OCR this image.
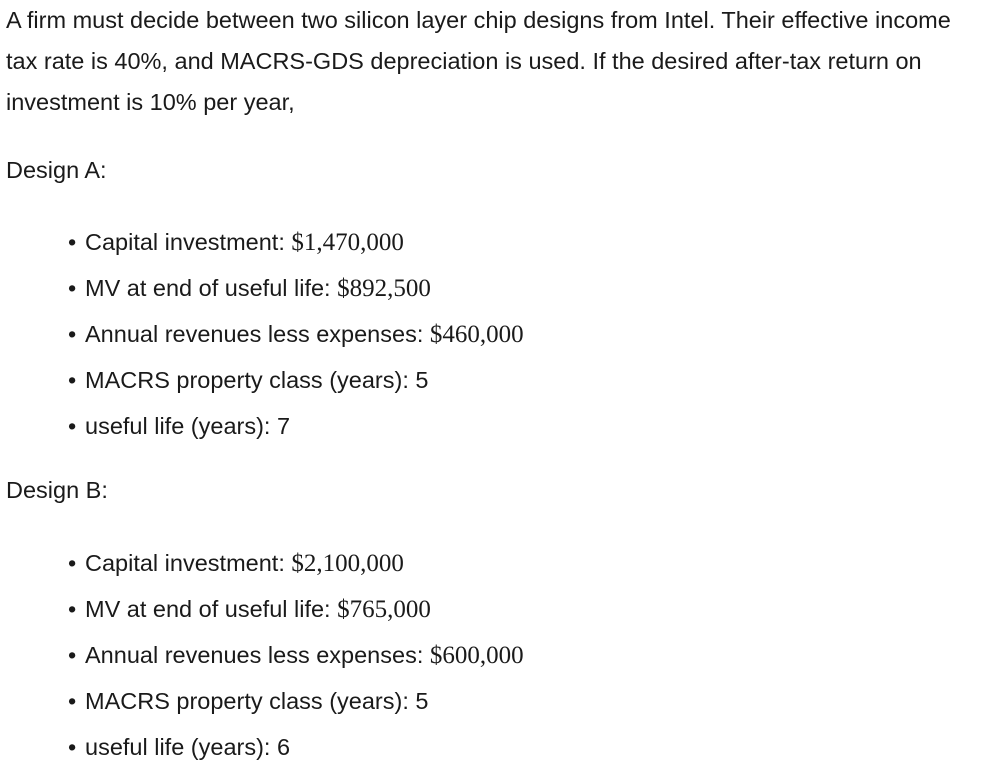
A firm must decide between two silicon layer chip designs from Intel. Their effective income tax rate is 40%, and MACRS-GDS depreciation is used. If the desired after-tax return on investment is 10% per year,

Design A:
• Capital investment: $1,470,000
• MV at end of useful life: $892,500
• Annual revenues less expenses: $460,000
• MACRS property class (years): 5
• useful life (years): 7
Design B:
• Capital investment: $2,100,000
• MV at end of useful life: $765,000
• Annual revenues less expenses: $600,000
• MACRS property class (years): 5
• useful life (years): 6
